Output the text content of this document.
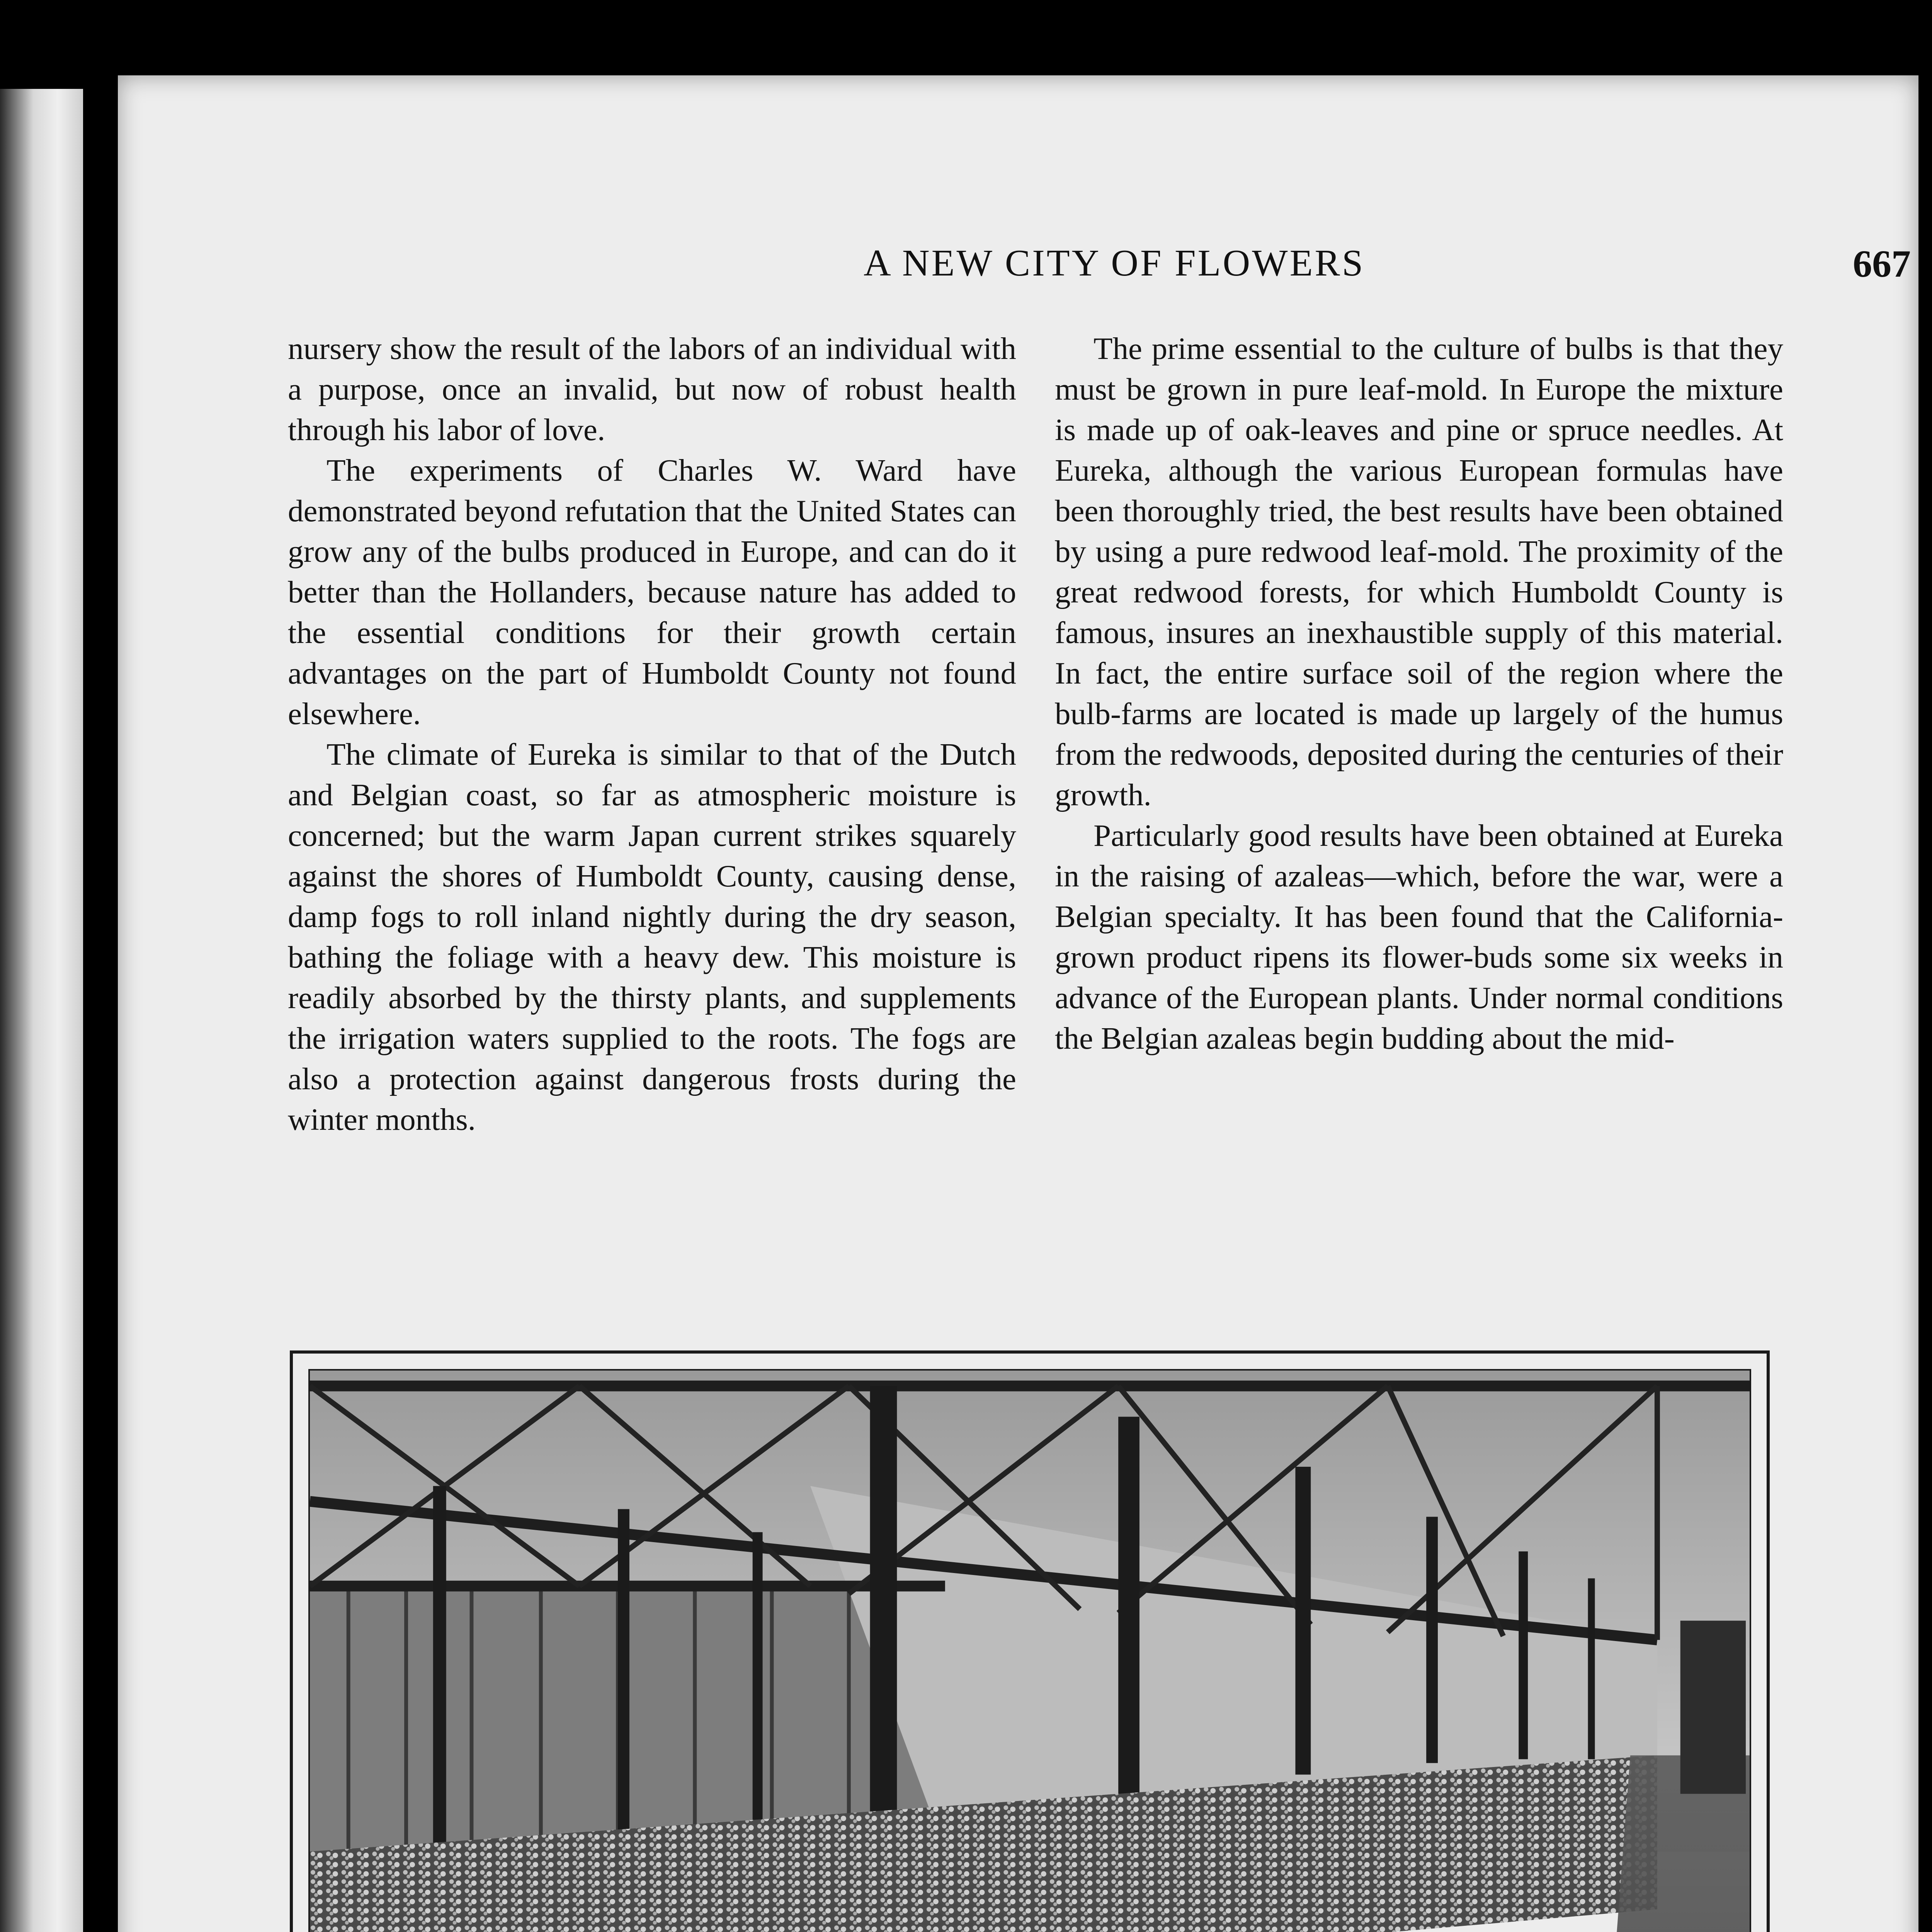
A NEW CITY OF FLOWERS	667

nursery show the result of the labors of an individual with a purpose, once an invalid, but now of robust health through his labor of love.

The experiments of Charles W. Ward have demonstrated beyond refutation that the United States can grow any of the bulbs produced in Europe, and can do it better than the Hollanders, because nature has added to the essential conditions for their growth certain advantages on the part of Humboldt County not found elsewhere.

The climate of Eureka is similar to that of the Dutch and Belgian coast, so far as atmospheric moisture is concerned; but the warm Japan current strikes squarely against the shores of Humboldt County, causing dense, damp fogs to roll inland nightly during the dry season, bathing the foliage with a heavy dew. This moisture is readily absorbed by the thirsty plants, and supplements the irrigation waters supplied to the roots. The fogs are also a protection against dangerous frosts during the winter months.

The prime essential to the culture of bulbs is that they must be grown in pure leaf-mold. In Europe the mixture is made up of oak-leaves and pine or spruce needles. At Eureka, although the various European formulas have been thoroughly tried, the best results have been obtained by using a pure redwood leaf-mold. The proximity of the great redwood forests, for which Humboldt County is famous, insures an inexhaustible supply of this material. In fact, the entire surface soil of the region where the bulb-farms are located is made up largely of the humus from the redwoods, deposited during the centuries of their growth.

Particularly good results have been obtained at Eureka in the raising of azaleas—which, before the war, were a Belgian specialty. It has been found that the California-grown product ripens its flower-buds some six weeks in advance of the European plants. Under normal conditions the Belgian azaleas begin budding about the mid-
